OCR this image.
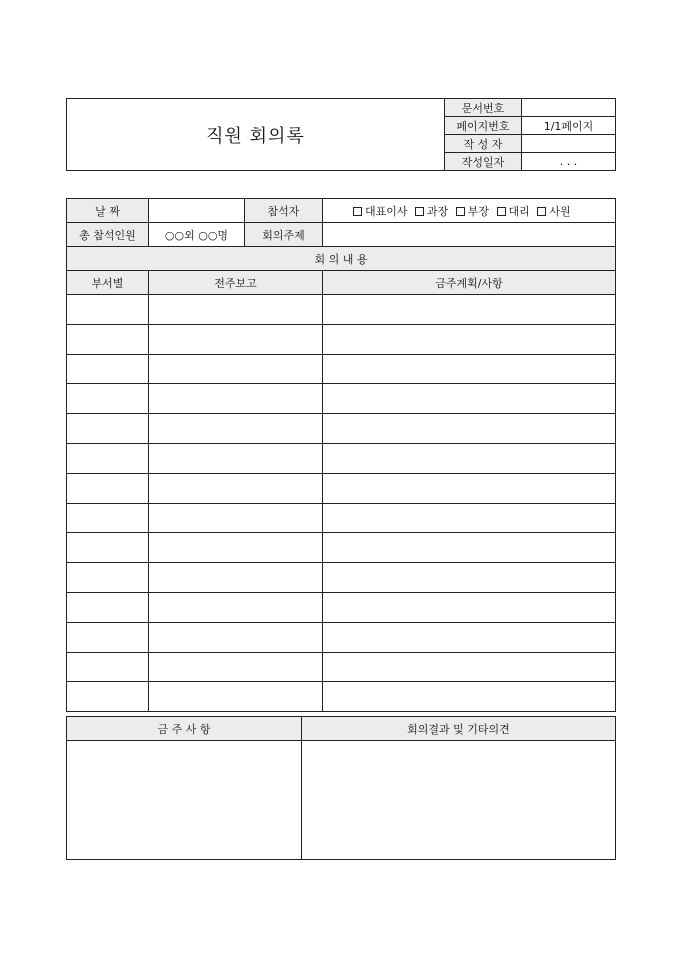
직원 회의록	문서번호	
	페이지번호	1/1페이지
	작 성 자	
	작성일자	. . .
날 짜		참석자	대표이사 과장 부장 대리 사원
총 참석인원	○○외 ○○명	회의주제	
회 의 내 용			
부서별	전주보고		금주계획/사항

금 주 사 항	회의결과 및 기타의견
